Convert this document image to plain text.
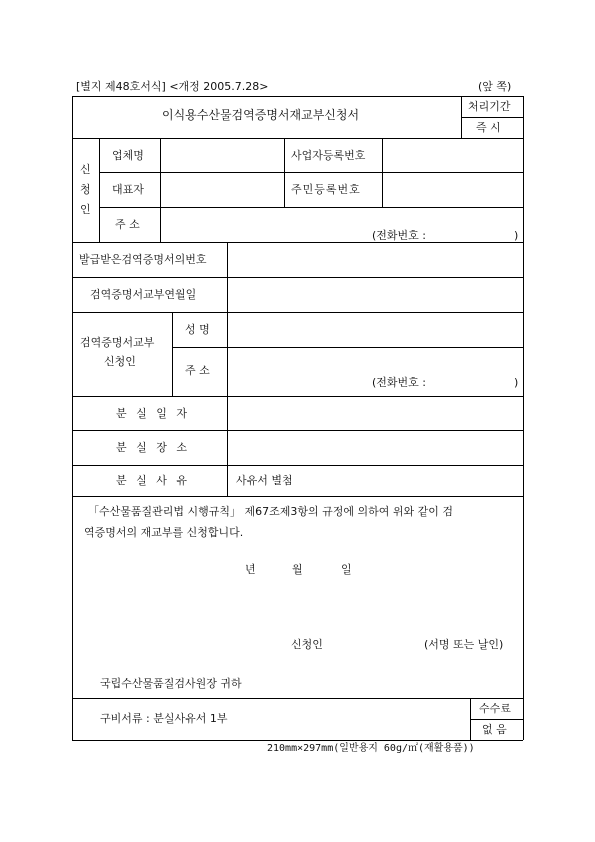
[별지 제48호서식] <개정 2005.7.28>	(앞 쪽)
이식용수산물검역증명서재교부신청서
처리기간
즉 시
신
청
인
업체명	사업자등록번호
대표자	주민등록번호
주 소
(전화번호 :	)
발급받은검역증명서의번호
검역증명서교부연월일
검역증명서교부
신청인
성 명
주 소
(전화번호 :	)
분 실 일 자
분 실 장 소
분 실 사 유	사유서 별첨
「수산물품질관리법 시행규칙」 제67조제3항의 규정에 의하여 위와 같이 검
역증명서의 재교부를 신청합니다.
년	월	일
신청인	(서명 또는 날인)
국립수산물품질검사원장 귀하
구비서류 : 분실사유서 1부
수수료
없 음
210mm×297mm(일반용지 60g/㎡(재활용품))
